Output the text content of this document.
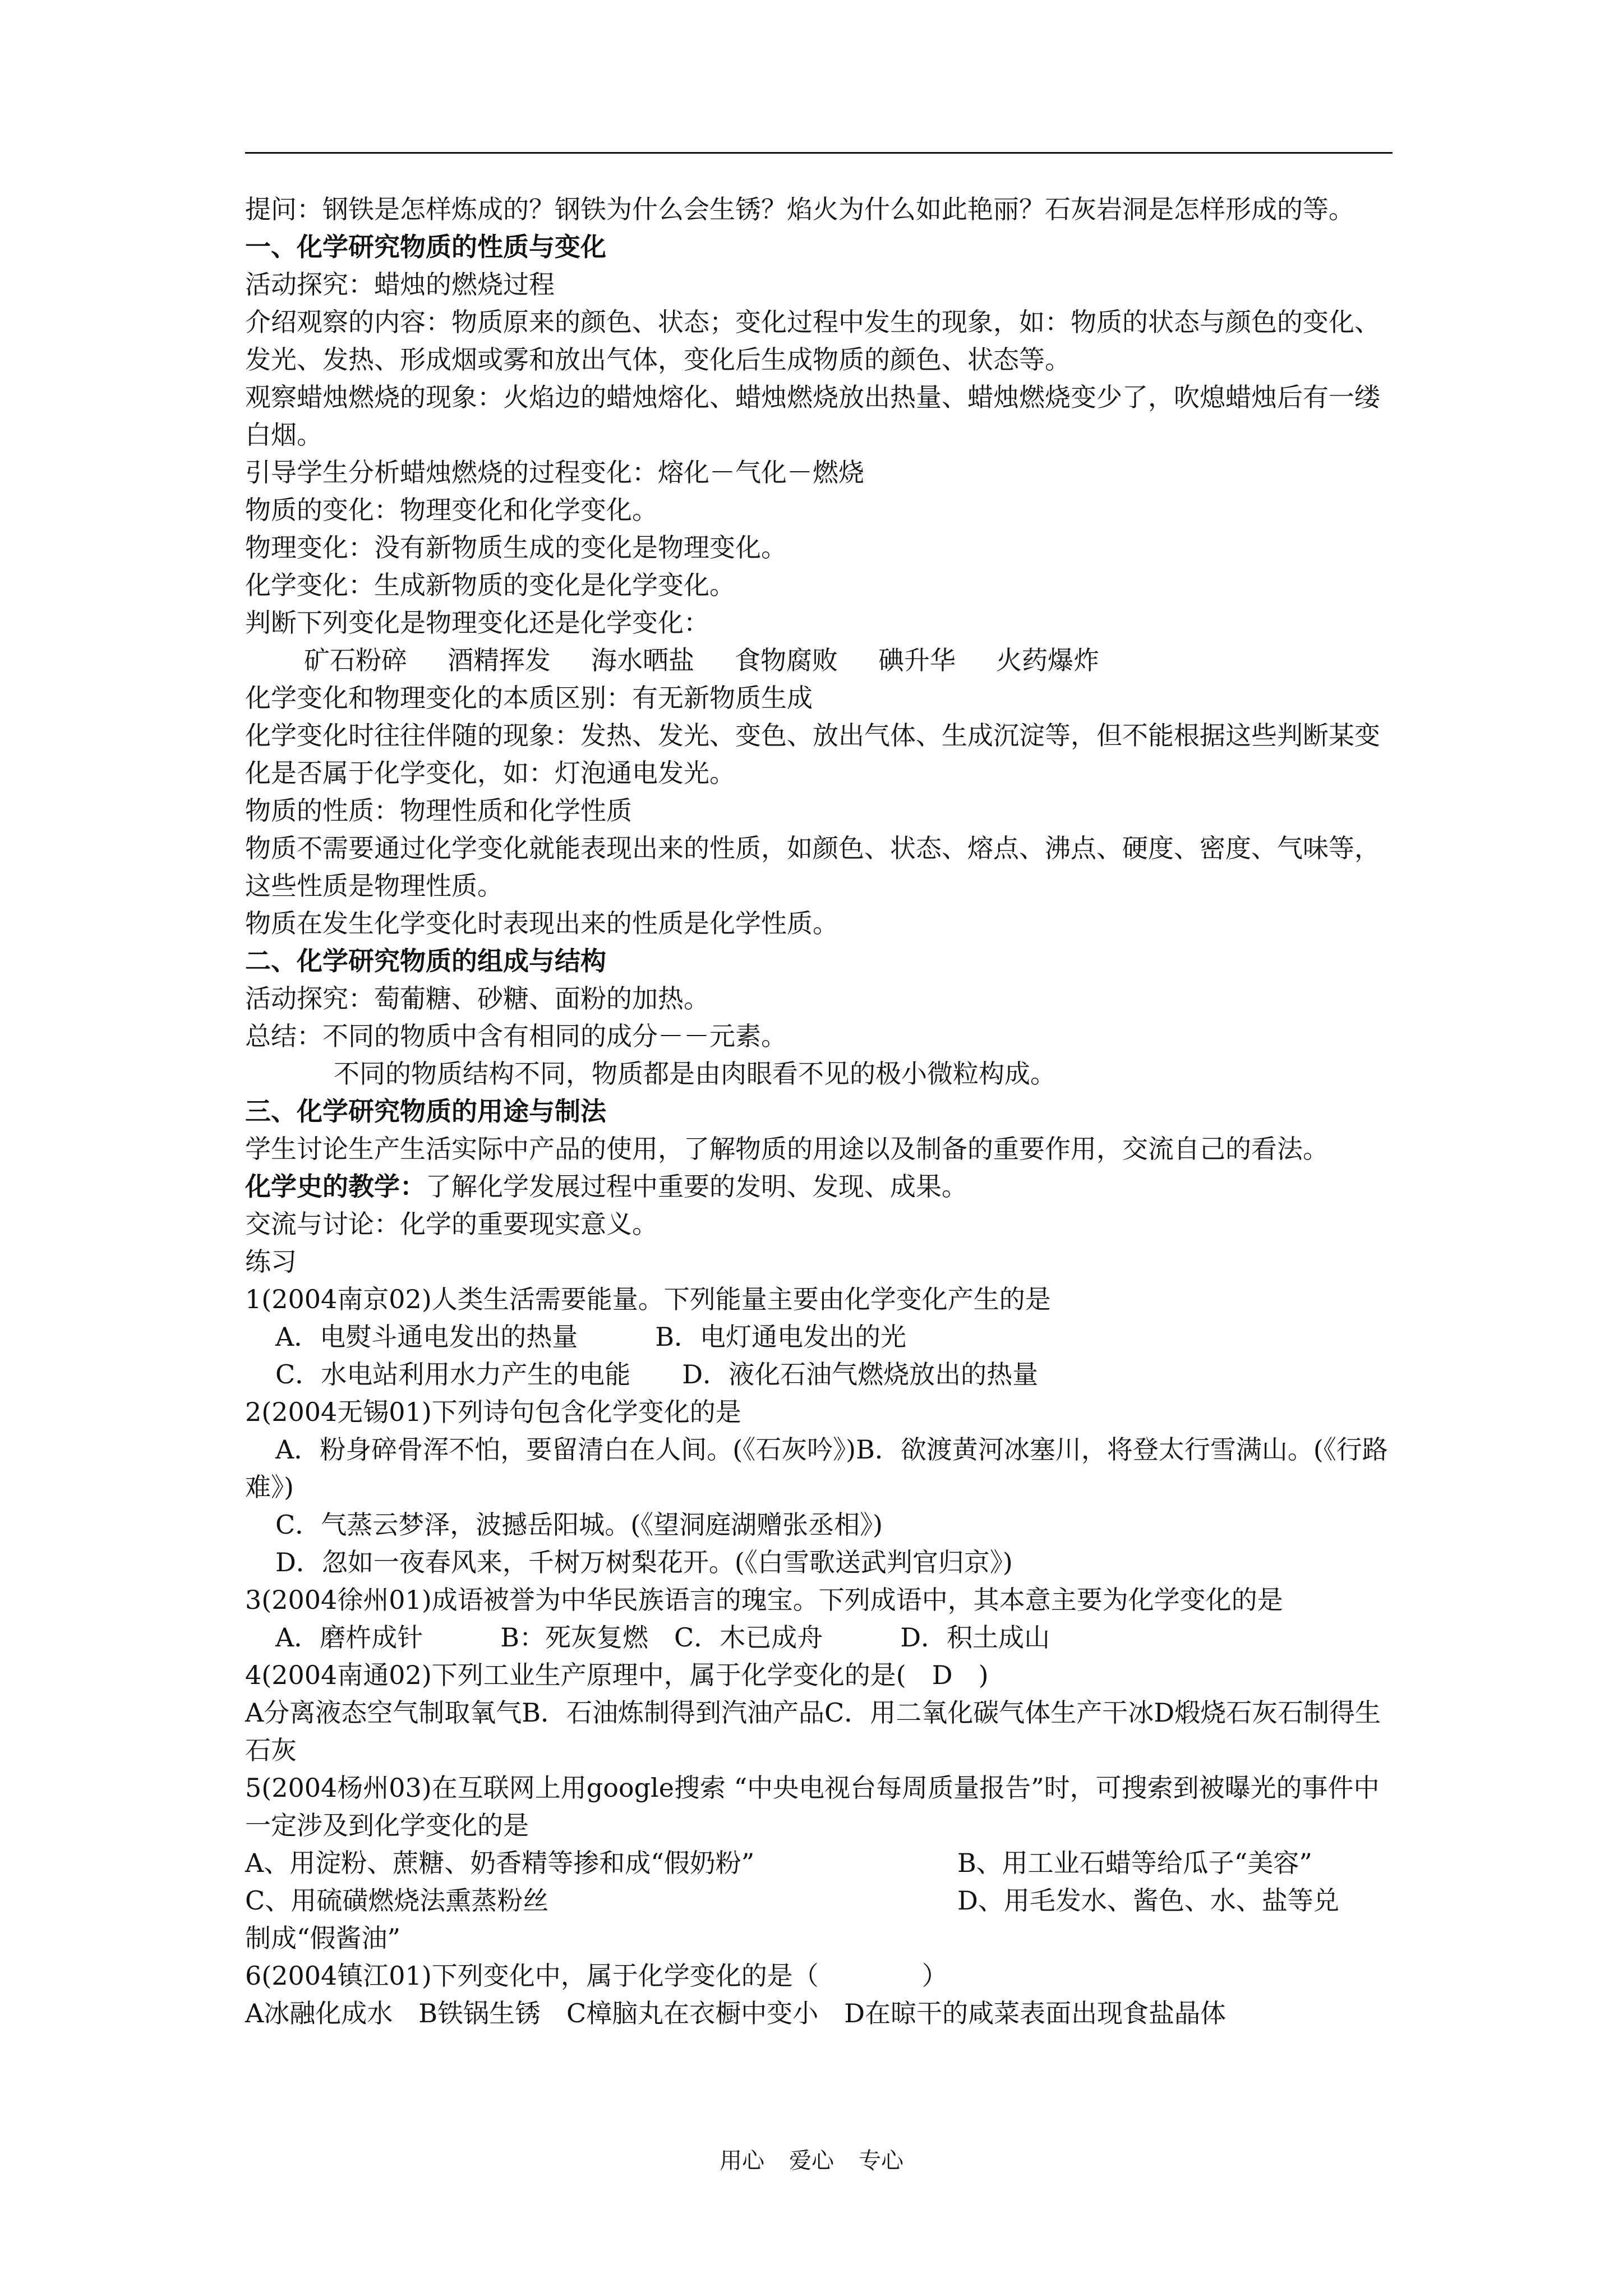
提问：钢铁是怎样炼成的？钢铁为什么会生锈？焰火为什么如此艳丽？石灰岩洞是怎样形成的等。
一、化学研究物质的性质与变化
活动探究：蜡烛的燃烧过程
介绍观察的内容：物质原来的颜色、状态；变化过程中发生的现象，如：物质的状态与颜色的变化、发光、发热、形成烟或雾和放出气体，变化后生成物质的颜色、状态等。
观察蜡烛燃烧的现象：火焰边的蜡烛熔化、蜡烛燃烧放出热量、蜡烛燃烧变少了，吹熄蜡烛后有一缕白烟。
引导学生分析蜡烛燃烧的过程变化：熔化－气化－燃烧
物质的变化：物理变化和化学变化。
物理变化：没有新物质生成的变化是物理变化。
化学变化：生成新物质的变化是化学变化。
判断下列变化是物理变化还是化学变化：
矿石粉碎 酒精挥发 海水晒盐 食物腐败 碘升华 火药爆炸
化学变化和物理变化的本质区别：有无新物质生成
化学变化时往往伴随的现象：发热、发光、变色、放出气体、生成沉淀等，但不能根据这些判断某变化是否属于化学变化，如：灯泡通电发光。
物质的性质：物理性质和化学性质
物质不需要通过化学变化就能表现出来的性质，如颜色、状态、熔点、沸点、硬度、密度、气味等，这些性质是物理性质。
物质在发生化学变化时表现出来的性质是化学性质。
二、化学研究物质的组成与结构
活动探究：萄葡糖、砂糖、面粉的加热。
总结：不同的物质中含有相同的成分－－元素。
不同的物质结构不同，物质都是由肉眼看不见的极小微粒构成。
三、化学研究物质的用途与制法
学生讨论生产生活实际中产品的使用，了解物质的用途以及制备的重要作用，交流自己的看法。
化学史的教学：了解化学发展过程中重要的发明、发现、成果。
交流与讨论：化学的重要现实意义。
练习
1(2004南京02)人类生活需要能量。下列能量主要由化学变化产生的是
A．电熨斗通电发出的热量　　　B．电灯通电发出的光
C．水电站利用水力产生的电能　　D．液化石油气燃烧放出的热量
2(2004无锡01)下列诗句包含化学变化的是
A．粉身碎骨浑不怕，要留清白在人间。(《石灰吟》)B．欲渡黄河冰塞川，将登太行雪满山。(《行路难》)
C．气蒸云梦泽，波撼岳阳城。(《望洞庭湖赠张丞相》)
D．忽如一夜春风来，千树万树梨花开。(《白雪歌送武判官归京》)
3(2004徐州01)成语被誉为中华民族语言的瑰宝。下列成语中，其本意主要为化学变化的是
A．磨杵成针　　　B：死灰复燃　C．木已成舟　　　D．积土成山
4(2004南通02)下列工业生产原理中，属于化学变化的是(　D　)
A分离液态空气制取氧气B．石油炼制得到汽油产品C．用二氧化碳气体生产干冰D煅烧石灰石制得生石灰
5(2004杨州03)在互联网上用google搜索 “中央电视台每周质量报告”时，可搜索到被曝光的事件中一定涉及到化学变化的是
A、用淀粉、蔗糖、奶香精等掺和成“假奶粉”	B、用工业石蜡等给瓜子“美容”
C、用硫磺燃烧法熏蒸粉丝	D、用毛发水、酱色、水、盐等兑
制成“假酱油”
6(2004镇江01)下列变化中，属于化学变化的是（　　　　）
A冰融化成水　B铁锅生锈　C樟脑丸在衣橱中变小　D在晾干的咸菜表面出现食盐晶体
用心 爱心 专心
